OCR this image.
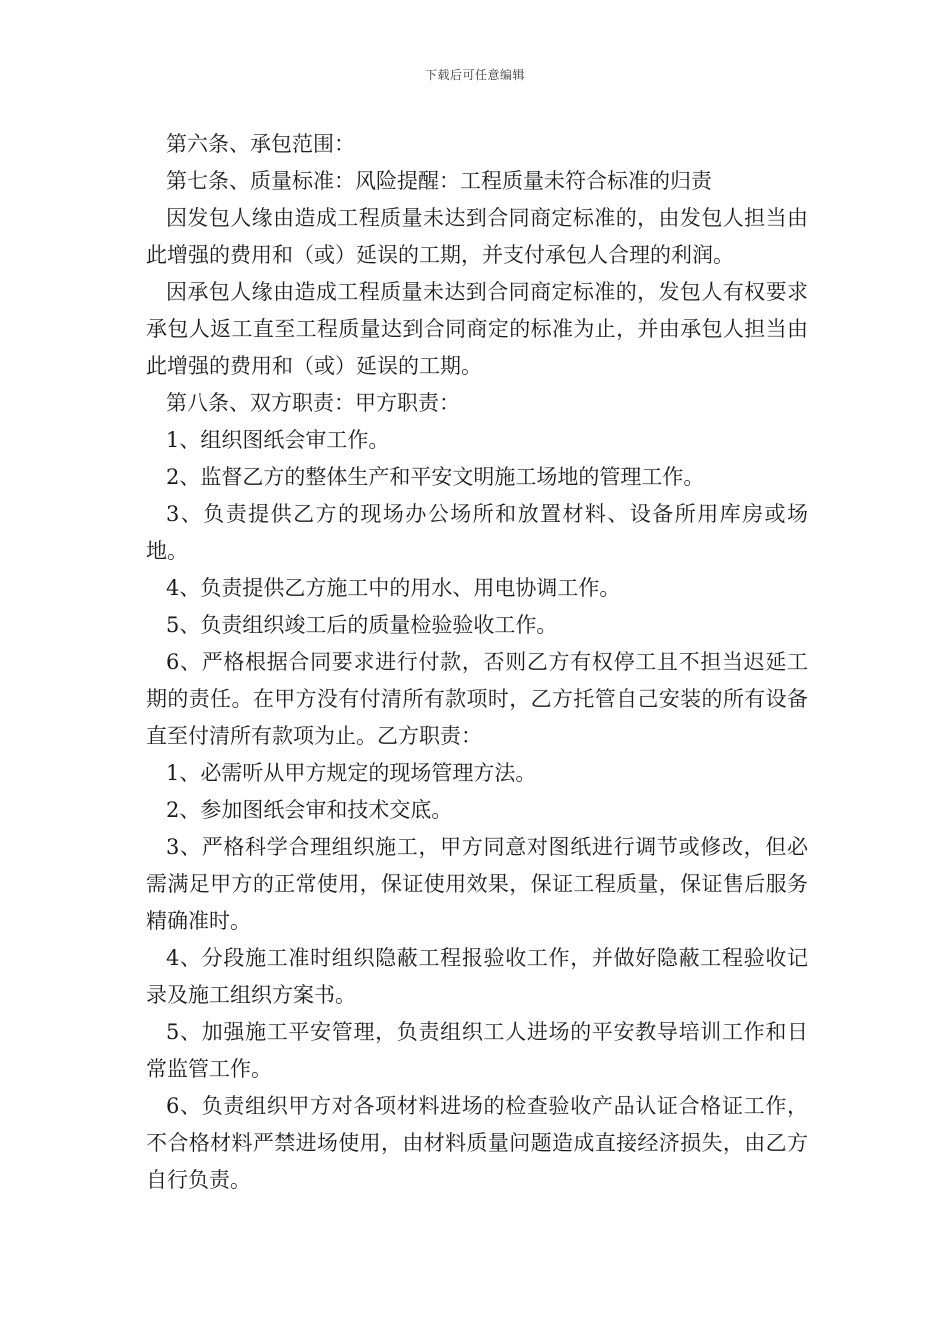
下载后可任意编辑

第六条、承包范围：

第七条、质量标准：风险提醒：工程质量未符合标准的归责

因发包人缘由造成工程质量未达到合同商定标准的，由发包人担当由此增强的费用和（或）延误的工期，并支付承包人合理的利润。

因承包人缘由造成工程质量未达到合同商定标准的，发包人有权要求承包人返工直至工程质量达到合同商定的标准为止，并由承包人担当由此增强的费用和（或）延误的工期。

第八条、双方职责：甲方职责：

1、组织图纸会审工作。

2、监督乙方的整体生产和平安文明施工场地的管理工作。

3、负责提供乙方的现场办公场所和放置材料、设备所用库房或场地。

4、负责提供乙方施工中的用水、用电协调工作。

5、负责组织竣工后的质量检验验收工作。

6、严格根据合同要求进行付款，否则乙方有权停工且不担当迟延工期的责任。在甲方没有付清所有款项时，乙方托管自己安装的所有设备直至付清所有款项为止。乙方职责：

1、必需听从甲方规定的现场管理方法。

2、参加图纸会审和技术交底。

3、严格科学合理组织施工，甲方同意对图纸进行调节或修改，但必需满足甲方的正常使用，保证使用效果，保证工程质量，保证售后服务精确准时。

4、分段施工准时组织隐蔽工程报验收工作，并做好隐蔽工程验收记录及施工组织方案书。

5、加强施工平安管理，负责组织工人进场的平安教导培训工作和日常监管工作。

6、负责组织甲方对各项材料进场的检查验收产品认证合格证工作，不合格材料严禁进场使用，由材料质量问题造成直接经济损失，由乙方自行负责。
